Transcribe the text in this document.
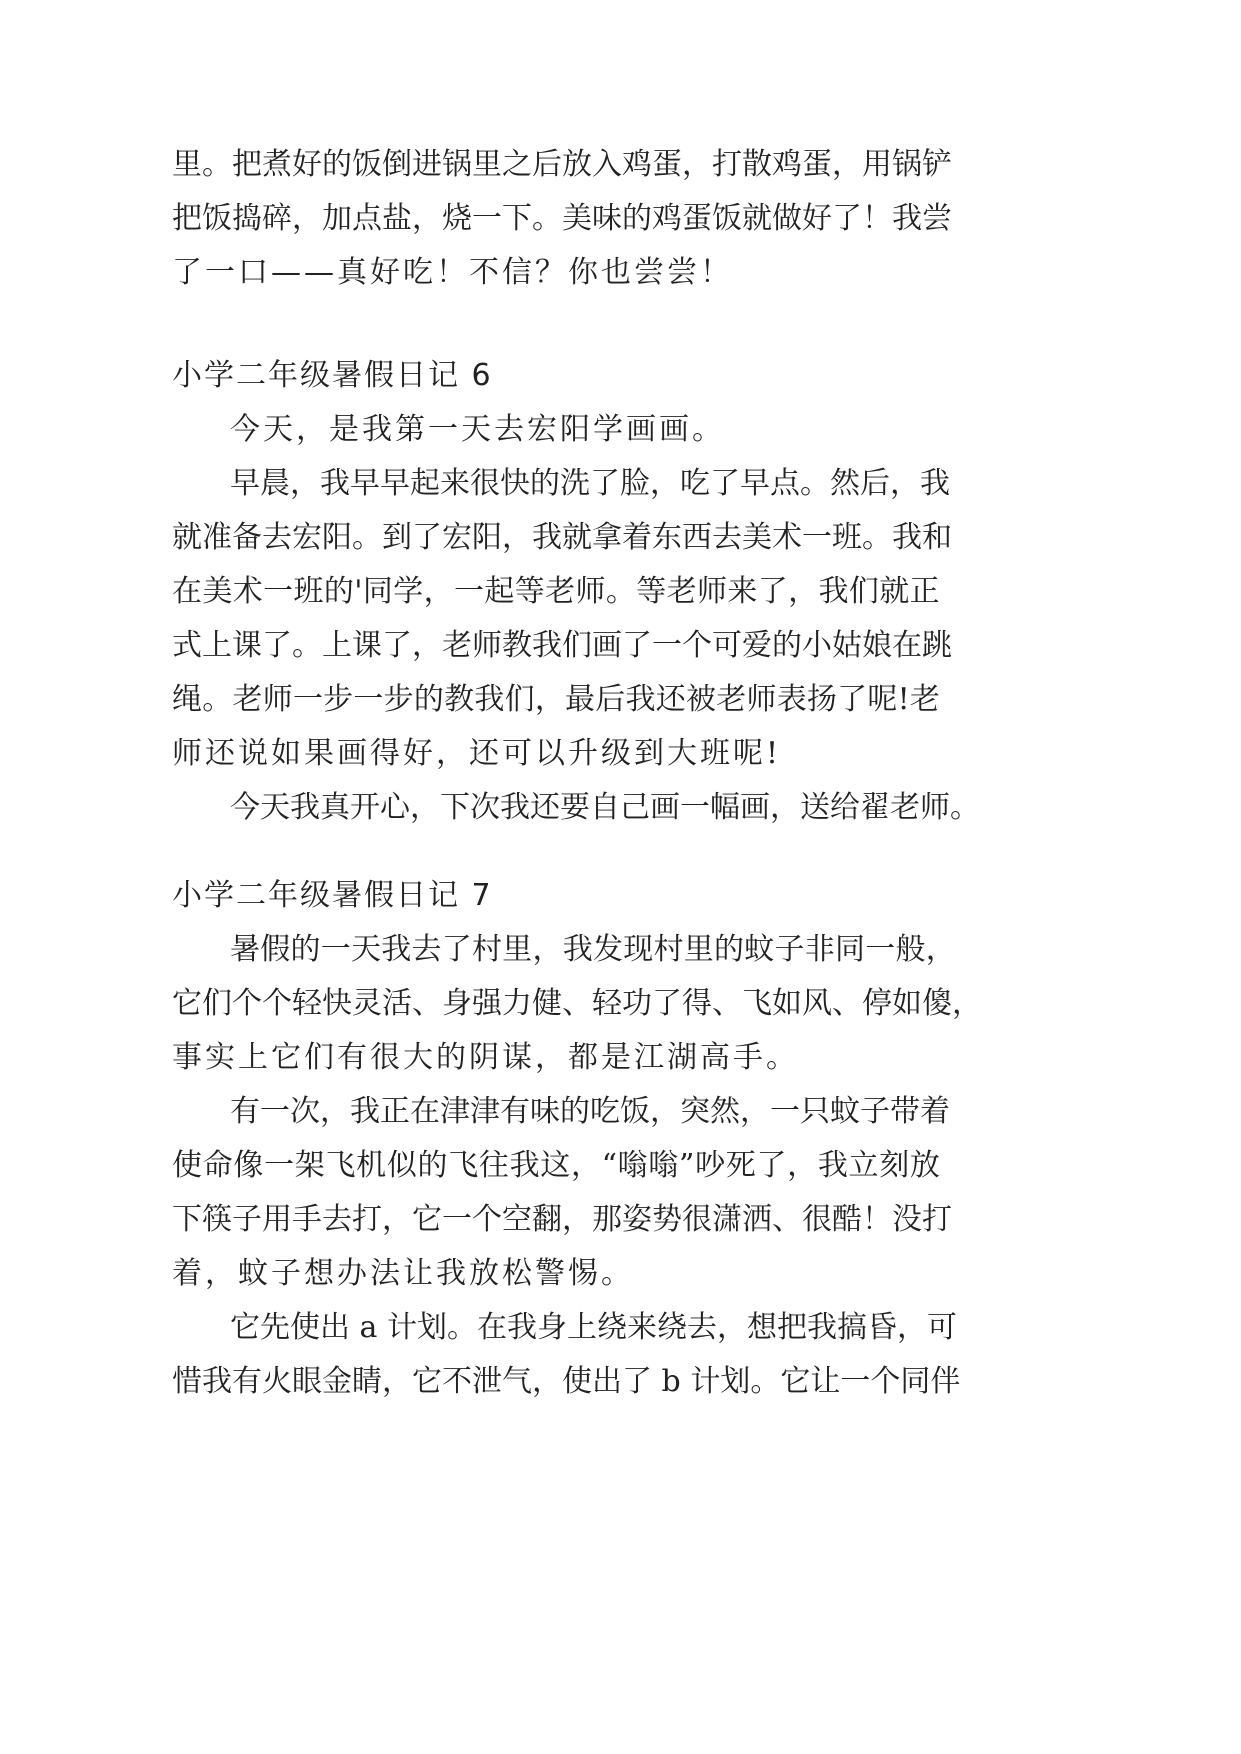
里 。 把 煮 好 的 饭 倒 进 锅 里 之 后 放 入 鸡 蛋 ， 打 散 鸡 蛋 ， 用 锅 铲
把 饭 捣 碎 ， 加 点 盐 ， 烧 一 下 。 美 味 的 鸡 蛋 饭 就 做 好 了 ！ 我 尝
了一口——真好吃！不信？你也尝尝！
小学二年级暑假日记 6
今天，是我第一天去宏阳学画画。
早 晨 ， 我 早 早 起 来 很 快 的 洗 了 脸 ， 吃 了 早 点 。 然 后 ， 我
就 准 备 去 宏 阳 。 到 了 宏 阳 ， 我 就 拿 着 东 西 去 美 术 一 班 。 我 和
在 美 术 一 班 的 ' 同 学 ， 一 起 等 老 师 。 等 老 师 来 了 ， 我 们 就 正
式 上 课 了 。 上 课 了 ， 老 师 教 我 们 画 了 一 个 可 爱 的 小 姑 娘 在 跳
绳 。 老 师 一 步 一 步 的 教 我 们 ， 最 后 我 还 被 老 师 表 扬 了 呢 ! 老
师还说如果画得好，还可以升级到大班呢!
今 天 我 真 开 心 ， 下 次 我 还 要 自 己 画 一 幅 画 ， 送 给 翟 老 师 。
小学二年级暑假日记 7
暑 假 的 一 天 我 去 了 村 里 ， 我 发 现 村 里 的 蚊 子 非 同 一 般 ，
它 们 个 个 轻 快 灵 活 、 身 强 力 健 、 轻 功 了 得 、 飞 如 风 、 停 如 傻 ，
事实上它们有很大的阴谋，都是江湖高手。
有 一 次 ， 我 正 在 津 津 有 味 的 吃 饭 ， 突 然 ， 一 只 蚊 子 带 着
使 命 像 一 架 飞 机 似 的 飞 往 我 这 ， “ 嗡 嗡 ” 吵 死 了 ， 我 立 刻 放
下 筷 子 用 手 去 打 ， 它 一 个 空 翻 ， 那 姿 势 很 潇 洒 、 很 酷 ！ 没 打
着，蚊子想办法让我放松警惕。
它 先 使 出
a
计 划 。 在 我 身 上 绕 来 绕 去 ， 想 把 我 搞 昏 ， 可
惜 我 有 火 眼 金 睛 ， 它 不 泄 气 ， 使 出 了
b
计 划 。 它 让 一 个 同 伴
